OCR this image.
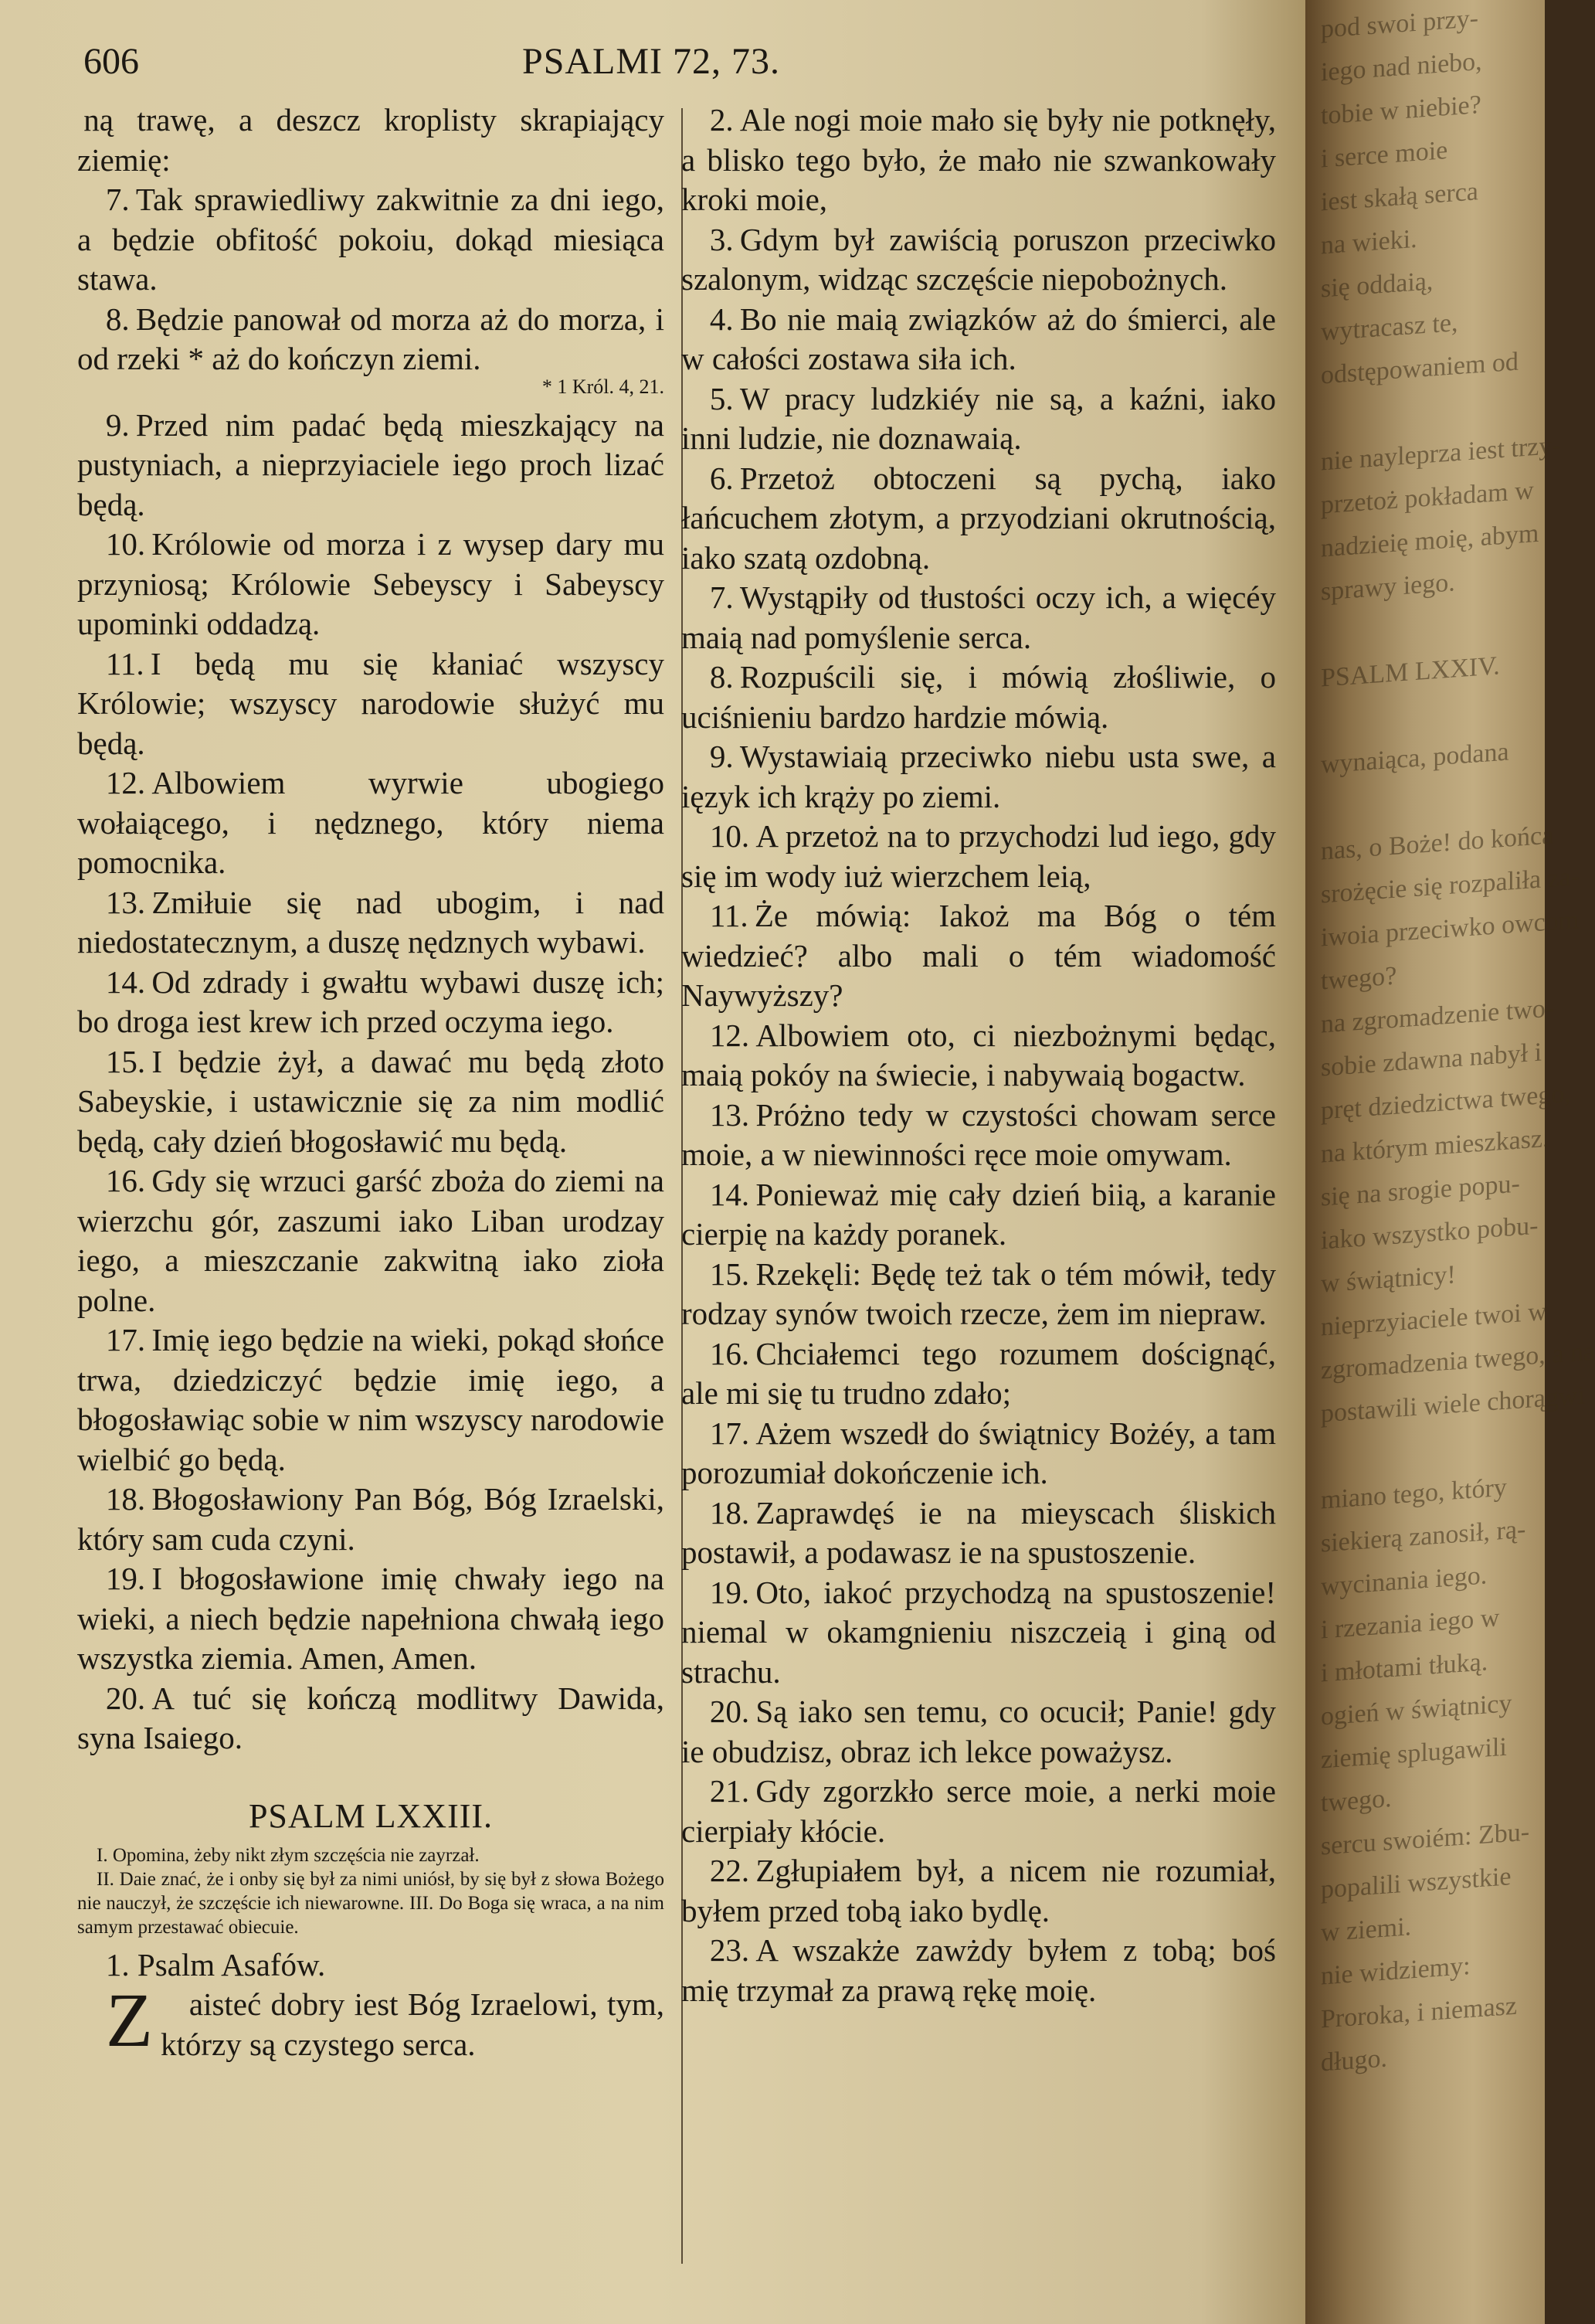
606	PSALMI 72, 73.

ną trawę, a deszcz kroplisty skrapiający ziemię:

7. Tak sprawiedliwy zakwitnie za dni iego, a będzie obfitość pokoiu, dokąd miesiąca stawa.

8. Będzie panował od morza aż do morza, i od rzeki * aż do kończyn ziemi.

* 1 Król. 4, 21.

9. Przed nim padać będą mieszkający na pustyniach, a nieprzyiaciele iego proch lizać będą.

10. Królowie od morza i z wysep dary mu przyniosą; Królowie Sebeyscy i Sabeyscy upominki oddadzą.

11. I będą mu się kłaniać wszyscy Królowie; wszyscy narodowie służyć mu będą.

12. Albowiem wyrwie ubogiego wołaiącego, i nędznego, który niema pomocnika.

13. Zmiłuie się nad ubogim, i nad niedostatecznym, a duszę nędznych wybawi.

14. Od zdrady i gwałtu wybawi duszę ich; bo droga iest krew ich przed oczyma iego.

15. I będzie żył, a dawać mu będą złoto Sabeyskie, i ustawicznie się za nim modlić będą, cały dzień błogosławić mu będą.

16. Gdy się wrzuci garść zboża do ziemi na wierzchu gór, zaszumi iako Liban urodzay iego, a mieszczanie zakwitną iako zioła polne.

17. Imię iego będzie na wieki, pokąd słońce trwa, dziedziczyć będzie imię iego, a błogosławiąc sobie w nim wszyscy narodowie wielbić go będą.

18. Błogosławiony Pan Bóg, Bóg Izraelski, który sam cuda czyni.

19. I błogosławione imię chwały iego na wieki, a niech będzie napełniona chwałą iego wszystka ziemia. Amen, Amen.

20. A tuć się kończą modlitwy Dawida, syna Isaiego.

PSALM LXXIII.
I. Opomina, żeby nikt złym szczęścia nie zayrzał.
II. Daie znać, że i onby się był za nimi uniósł, by się był z słowa Bożego nie nauczył, że szczęście ich niewarowne. III. Do Boga się wraca, a na nim samym przestawać obiecuie.

1. Psalm Asafów.

Z aisteć dobry iest Bóg Izraelowi, tym, którzy są czystego serca.

2. Ale nogi moie mało się były nie potknęły, a blisko tego było, że mało nie szwankowały kroki moie,

3. Gdym był zawiścią poruszon przeciwko szalonym, widząc szczęście niepobożnych.

4. Bo nie maią związków aż do śmierci, ale w całości zostawa siła ich.

5. W pracy ludzkiéy nie są, a kaźni, iako inni ludzie, nie doznawaią.

6. Przetoż obtoczeni są pychą, iako łańcuchem złotym, a przyodziani okrutnością, iako szatą ozdobną.

7. Wystąpiły od tłustości oczy ich, a więcéy maią nad pomyślenie serca.

8. Rozpuścili się, i mówią złośliwie, o uciśnieniu bardzo hardzie mówią.

9. Wystawiaią przeciwko niebu usta swe, a ięzyk ich krąży po ziemi.

10. A przetoż na to przychodzi lud iego, gdy się im wody iuż wierzchem leią,

11. Że mówią: Iakoż ma Bóg o tém wiedzieć? albo mali o tém wiadomość Naywyższy?

12. Albowiem oto, ci niezbożnymi będąc, maią pokóy na świecie, i nabywaią bogactw.

13. Próżno tedy w czystości chowam serce moie, a w niewinności ręce moie omywam.

14. Ponieważ mię cały dzień biią, a karanie cierpię na każdy poranek.

15. Rzekęli: Będę też tak o tém mówił, tedy rodzay synów twoich rzecze, żem im niepraw.

16. Chciałemci tego rozumem doścignąć, ale mi się tu trudno zdało;

17. Ażem wszedł do świątnicy Bożéy, a tam porozumiał dokończenie ich.

18. Zaprawdęś ie na mieyscach śliskich postawił, a podawasz ie na spustoszenie.

19. Oto, iakoć przychodzą na spustoszenie! niemal w okamgnieniu niszczeią i giną od strachu.

20. Są iako sen temu, co ocucił; Panie! gdy ie obudzisz, obraz ich lekce poważysz.

21. Gdy zgorzkło serce moie, a nerki moie cierpiały kłócie.

22. Zgłupiałem był, a nicem nie rozumiał, byłem przed tobą iako bydlę.

23. A wszakże zawżdy byłem z tobą; boś mię trzymał za prawą rękę moię.

pod swoi przy-
iego nad niebo,
tobie w niebie?
i serce moie
iest skałą serca
na wieki.
się oddaią,
wytracasz te,
odstępowaniem od
nie nayleprza iest trzy-
przetoż pokładam w
nadzieię moię, abym
sprawy iego.
PSALM LXXIV.
wynaiąca, podana
nas, o Boże! do końca
srożęcie się rozpaliła za-
iwoia przeciwko owcom
twego?
na zgromadzenie two-
sobie zdawna nabył i
pręt dziedzictwa twego,
na którym mieszkasz.
się na srogie popu-
iako wszystko pobu-
w świątnicy!
nieprzyiaciele twoi w
zgromadzenia twego, a na
postawili wiele chorągwi
miano tego, który
siekierą zanosił, rą-
wycinania iego.
i rzezania iego w
i młotami tłuką.
ogień w świątnicy
ziemię splugawili
twego.
sercu swoiém: Zbu-
popalili wszystkie
w ziemi.
nie widziemy:
Proroka, i niemasz
długo.
